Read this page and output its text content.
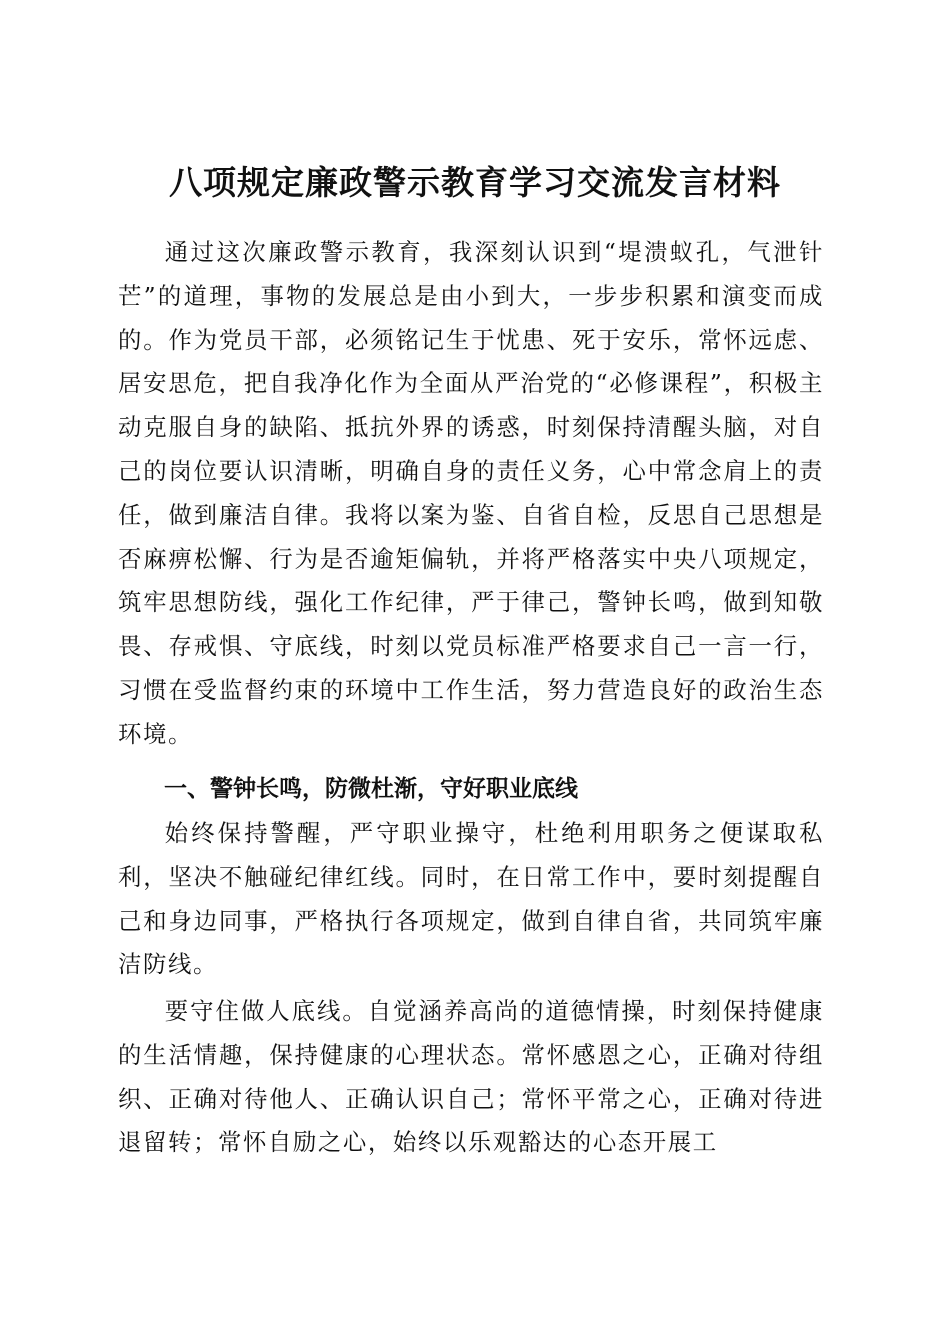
八项规定廉政警示教育学习交流发言材料

通过这次廉政警示教育，我深刻认识到“堤溃蚁孔，气泄针芒”的道理，事物的发展总是由小到大，一步步积累和演变而成的。作为党员干部，必须铭记生于忧患、死于安乐，常怀远虑、居安思危，把自我净化作为全面从严治党的“必修课程”，积极主动克服自身的缺陷、抵抗外界的诱惑，时刻保持清醒头脑，对自己的岗位要认识清晰，明确自身的责任义务，心中常念肩上的责任，做到廉洁自律。我将以案为鉴、自省自检，反思自己思想是否麻痹松懈、行为是否逾矩偏轨，并将严格落实中央八项规定，筑牢思想防线，强化工作纪律，严于律己，警钟长鸣，做到知敬畏、存戒惧、守底线，时刻以党员标准严格要求自己一言一行，习惯在受监督约束的环境中工作生活，努力营造良好的政治生态环境。

一、警钟长鸣，防微杜渐，守好职业底线

始终保持警醒，严守职业操守，杜绝利用职务之便谋取私利，坚决不触碰纪律红线。同时，在日常工作中，要时刻提醒自己和身边同事，严格执行各项规定，做到自律自省，共同筑牢廉洁防线。

要守住做人底线。自觉涵养高尚的道德情操，时刻保持健康的生活情趣，保持健康的心理状态。常怀感恩之心，正确对待组织、正确对待他人、正确认识自己；常怀平常之心，正确对待进退留转；常怀自励之心，始终以乐观豁达的心态开展工
